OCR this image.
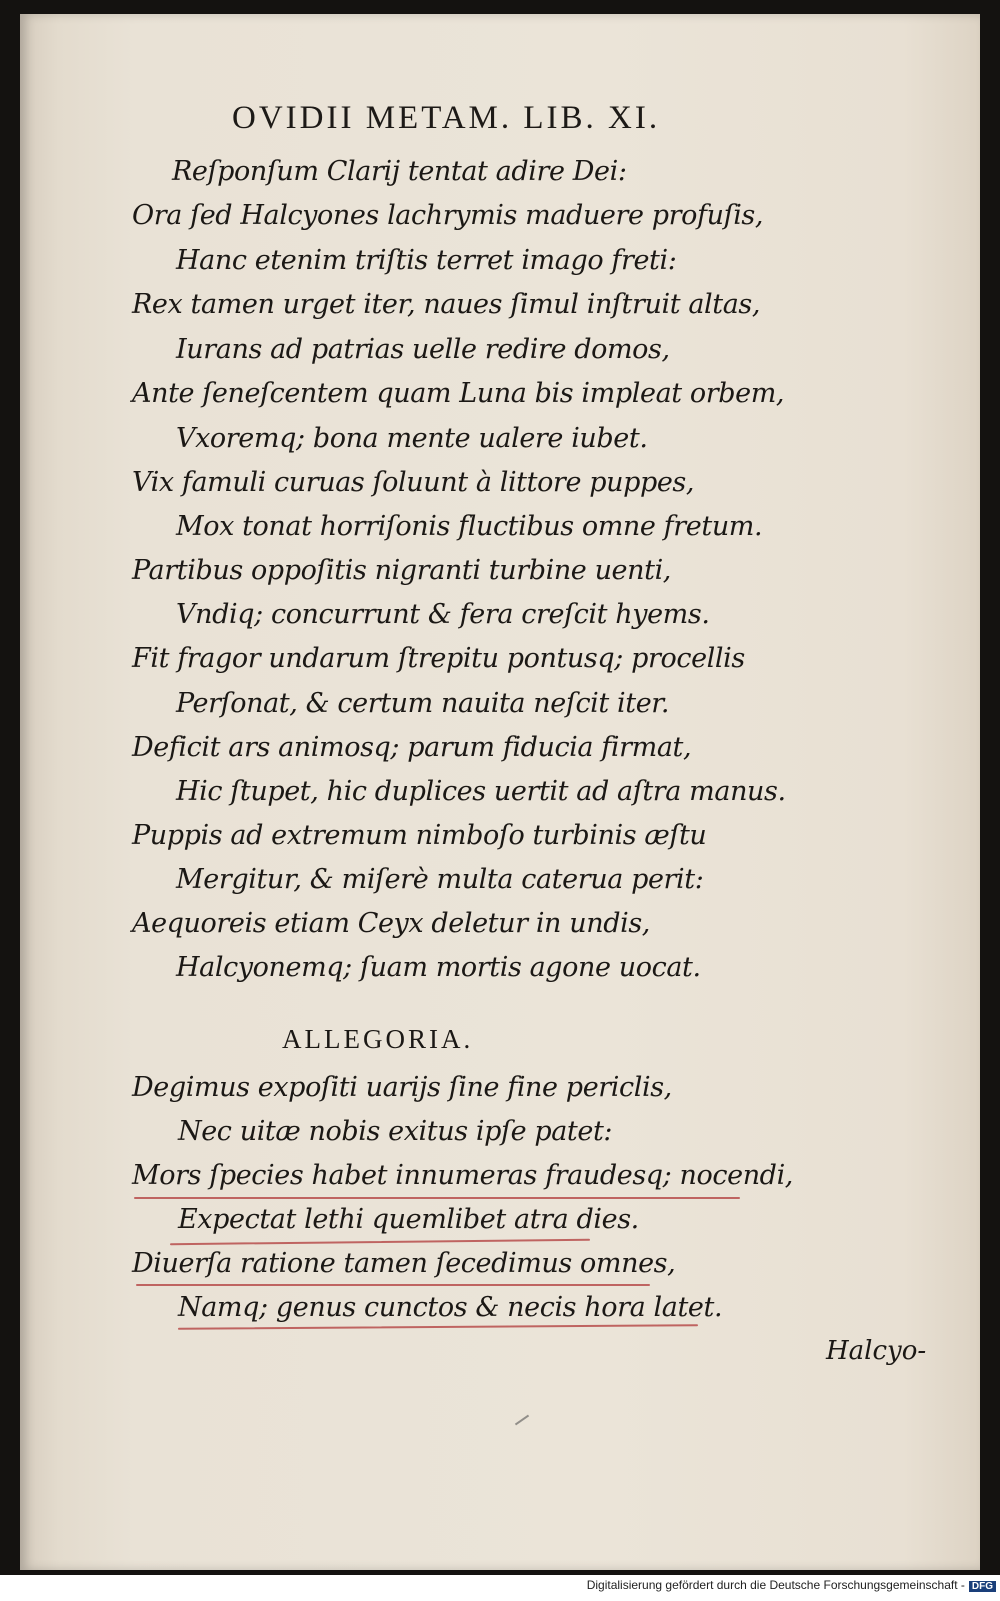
OVIDII METAM. LIB. XI.
Reſponſum Clarij tentat adire Dei:
Ora ſed Halcyones lachrymis maduere profuſis,
Hanc etenim triſtis terret imago freti:
Rex tamen urget iter, naues ſimul inſtruit altas,
Iurans ad patrias uelle redire domos,
Ante ſeneſcentem quam Luna bis impleat orbem,
Vxoremq; bona mente ualere iubet.
Vix famuli curuas ſoluunt à littore puppes,
Mox tonat horriſonis fluctibus omne fretum.
Partibus oppoſitis nigranti turbine uenti,
Vndiq; concurrunt & fera creſcit hyems.
Fit fragor undarum ſtrepitu pontusq; procellis
Perſonat, & certum nauita neſcit iter.
Deficit ars animosq; parum fiducia firmat,
Hic ſtupet, hic duplices uertit ad aſtra manus.
Puppis ad extremum nimboſo turbinis æſtu
Mergitur, & miſerè multa caterua perit:
Aequoreis etiam Ceyx deletur in undis,
Halcyonemq; ſuam mortis agone uocat.
ALLEGORIA.
Degimus expoſiti uarijs ſine fine periclis,
Nec uitæ nobis exitus ipſe patet:
Mors ſpecies habet innumeras fraudesq; nocendi,
Expectat lethi quemlibet atra dies.
Diuerſa ratione tamen ſecedimus omnes,
Namq; genus cunctos & necis hora latet.
Halcyo-
Digitalisierung gefördert durch die Deutsche Forschungsgemeinschaft - DFG
